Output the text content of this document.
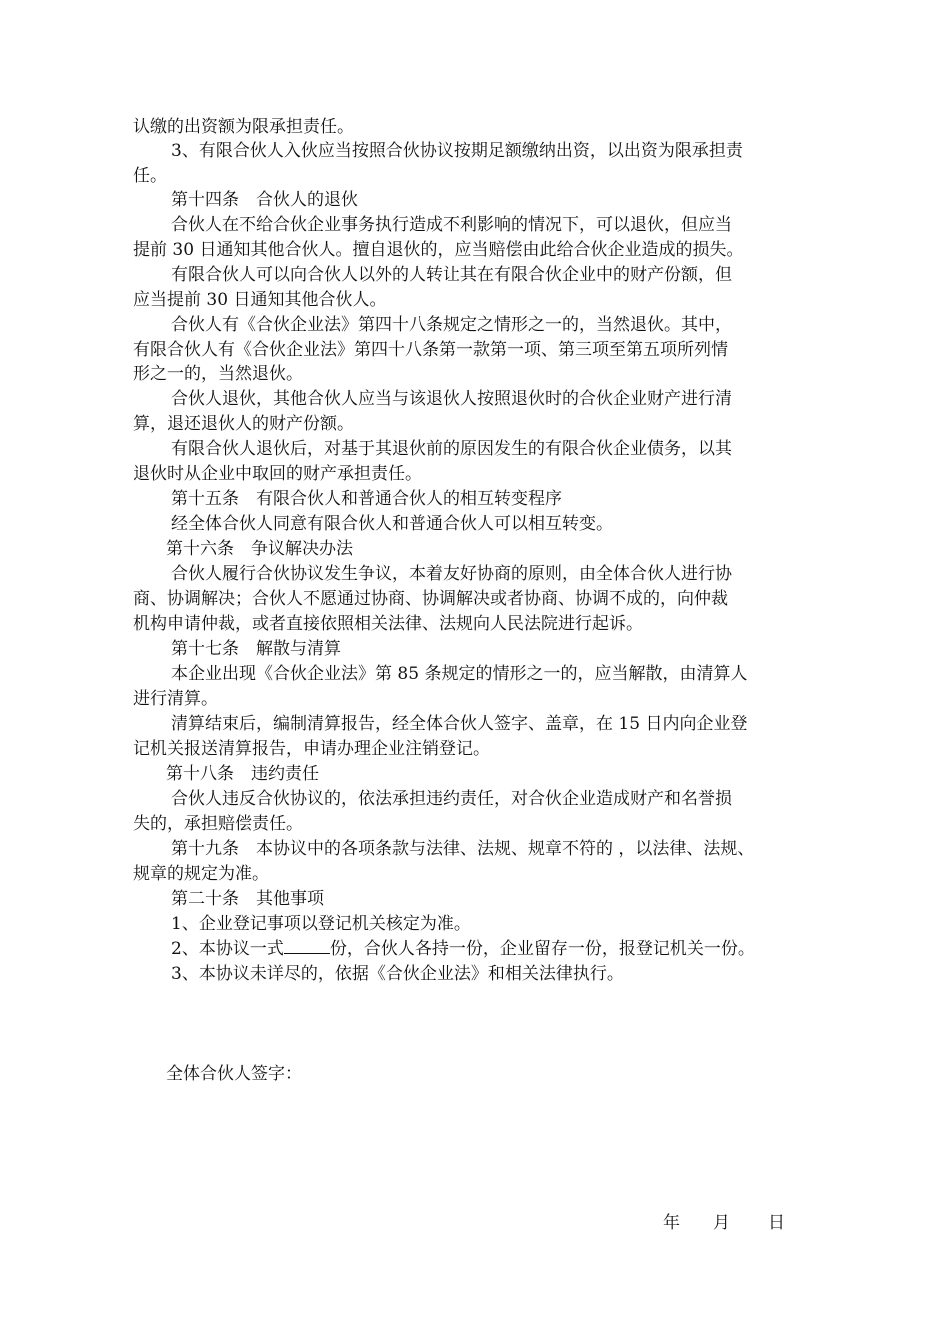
认缴的出资额为限承担责任。
3、有限合伙人入伙应当按照合伙协议按期足额缴纳出资，以出资为限承担责
任。
第十四条　合伙人的退伙
合伙人在不给合伙企业事务执行造成不利影响的情况下，可以退伙，但应当
提前 30 日通知其他合伙人。擅自退伙的，应当赔偿由此给合伙企业造成的损失。
有限合伙人可以向合伙人以外的人转让其在有限合伙企业中的财产份额，但
应当提前 30 日通知其他合伙人。
合伙人有《合伙企业法》第四十八条规定之情形之一的，当然退伙。其中，
有限合伙人有《合伙企业法》第四十八条第一款第一项、第三项至第五项所列情
形之一的，当然退伙。
合伙人退伙，其他合伙人应当与该退伙人按照退伙时的合伙企业财产进行清
算，退还退伙人的财产份额。
有限合伙人退伙后，对基于其退伙前的原因发生的有限合伙企业债务，以其
退伙时从企业中取回的财产承担责任。
第十五条　有限合伙人和普通合伙人的相互转变程序
经全体合伙人同意有限合伙人和普通合伙人可以相互转变。
第十六条　争议解决办法
合伙人履行合伙协议发生争议，本着友好协商的原则，由全体合伙人进行协
商、协调解决；合伙人不愿通过协商、协调解决或者协商、协调不成的，向仲裁
机构申请仲裁，或者直接依照相关法律、法规向人民法院进行起诉。
第十七条　解散与清算
本企业出现《合伙企业法》第 85 条规定的情形之一的，应当解散，由清算人
进行清算。
清算结束后，编制清算报告，经全体合伙人签字、盖章，在 15 日内向企业登
记机关报送清算报告，申请办理企业注销登记。
第十八条　违约责任
合伙人违反合伙协议的，依法承担违约责任，对合伙企业造成财产和名誉损
失的，承担赔偿责任。
第十九条　本协议中的各项条款与法律、法规、规章不符的 ，以法律、法规、
规章的规定为准。
第二十条　其他事项
1、企业登记事项以登记机关核定为准。
2、本协议一式	份，合伙人各持一份，企业留存一份，报登记机关一份。
3、本协议未详尽的，依据《合伙企业法》和相关法律执行。
全体合伙人签字：
年 月 日
